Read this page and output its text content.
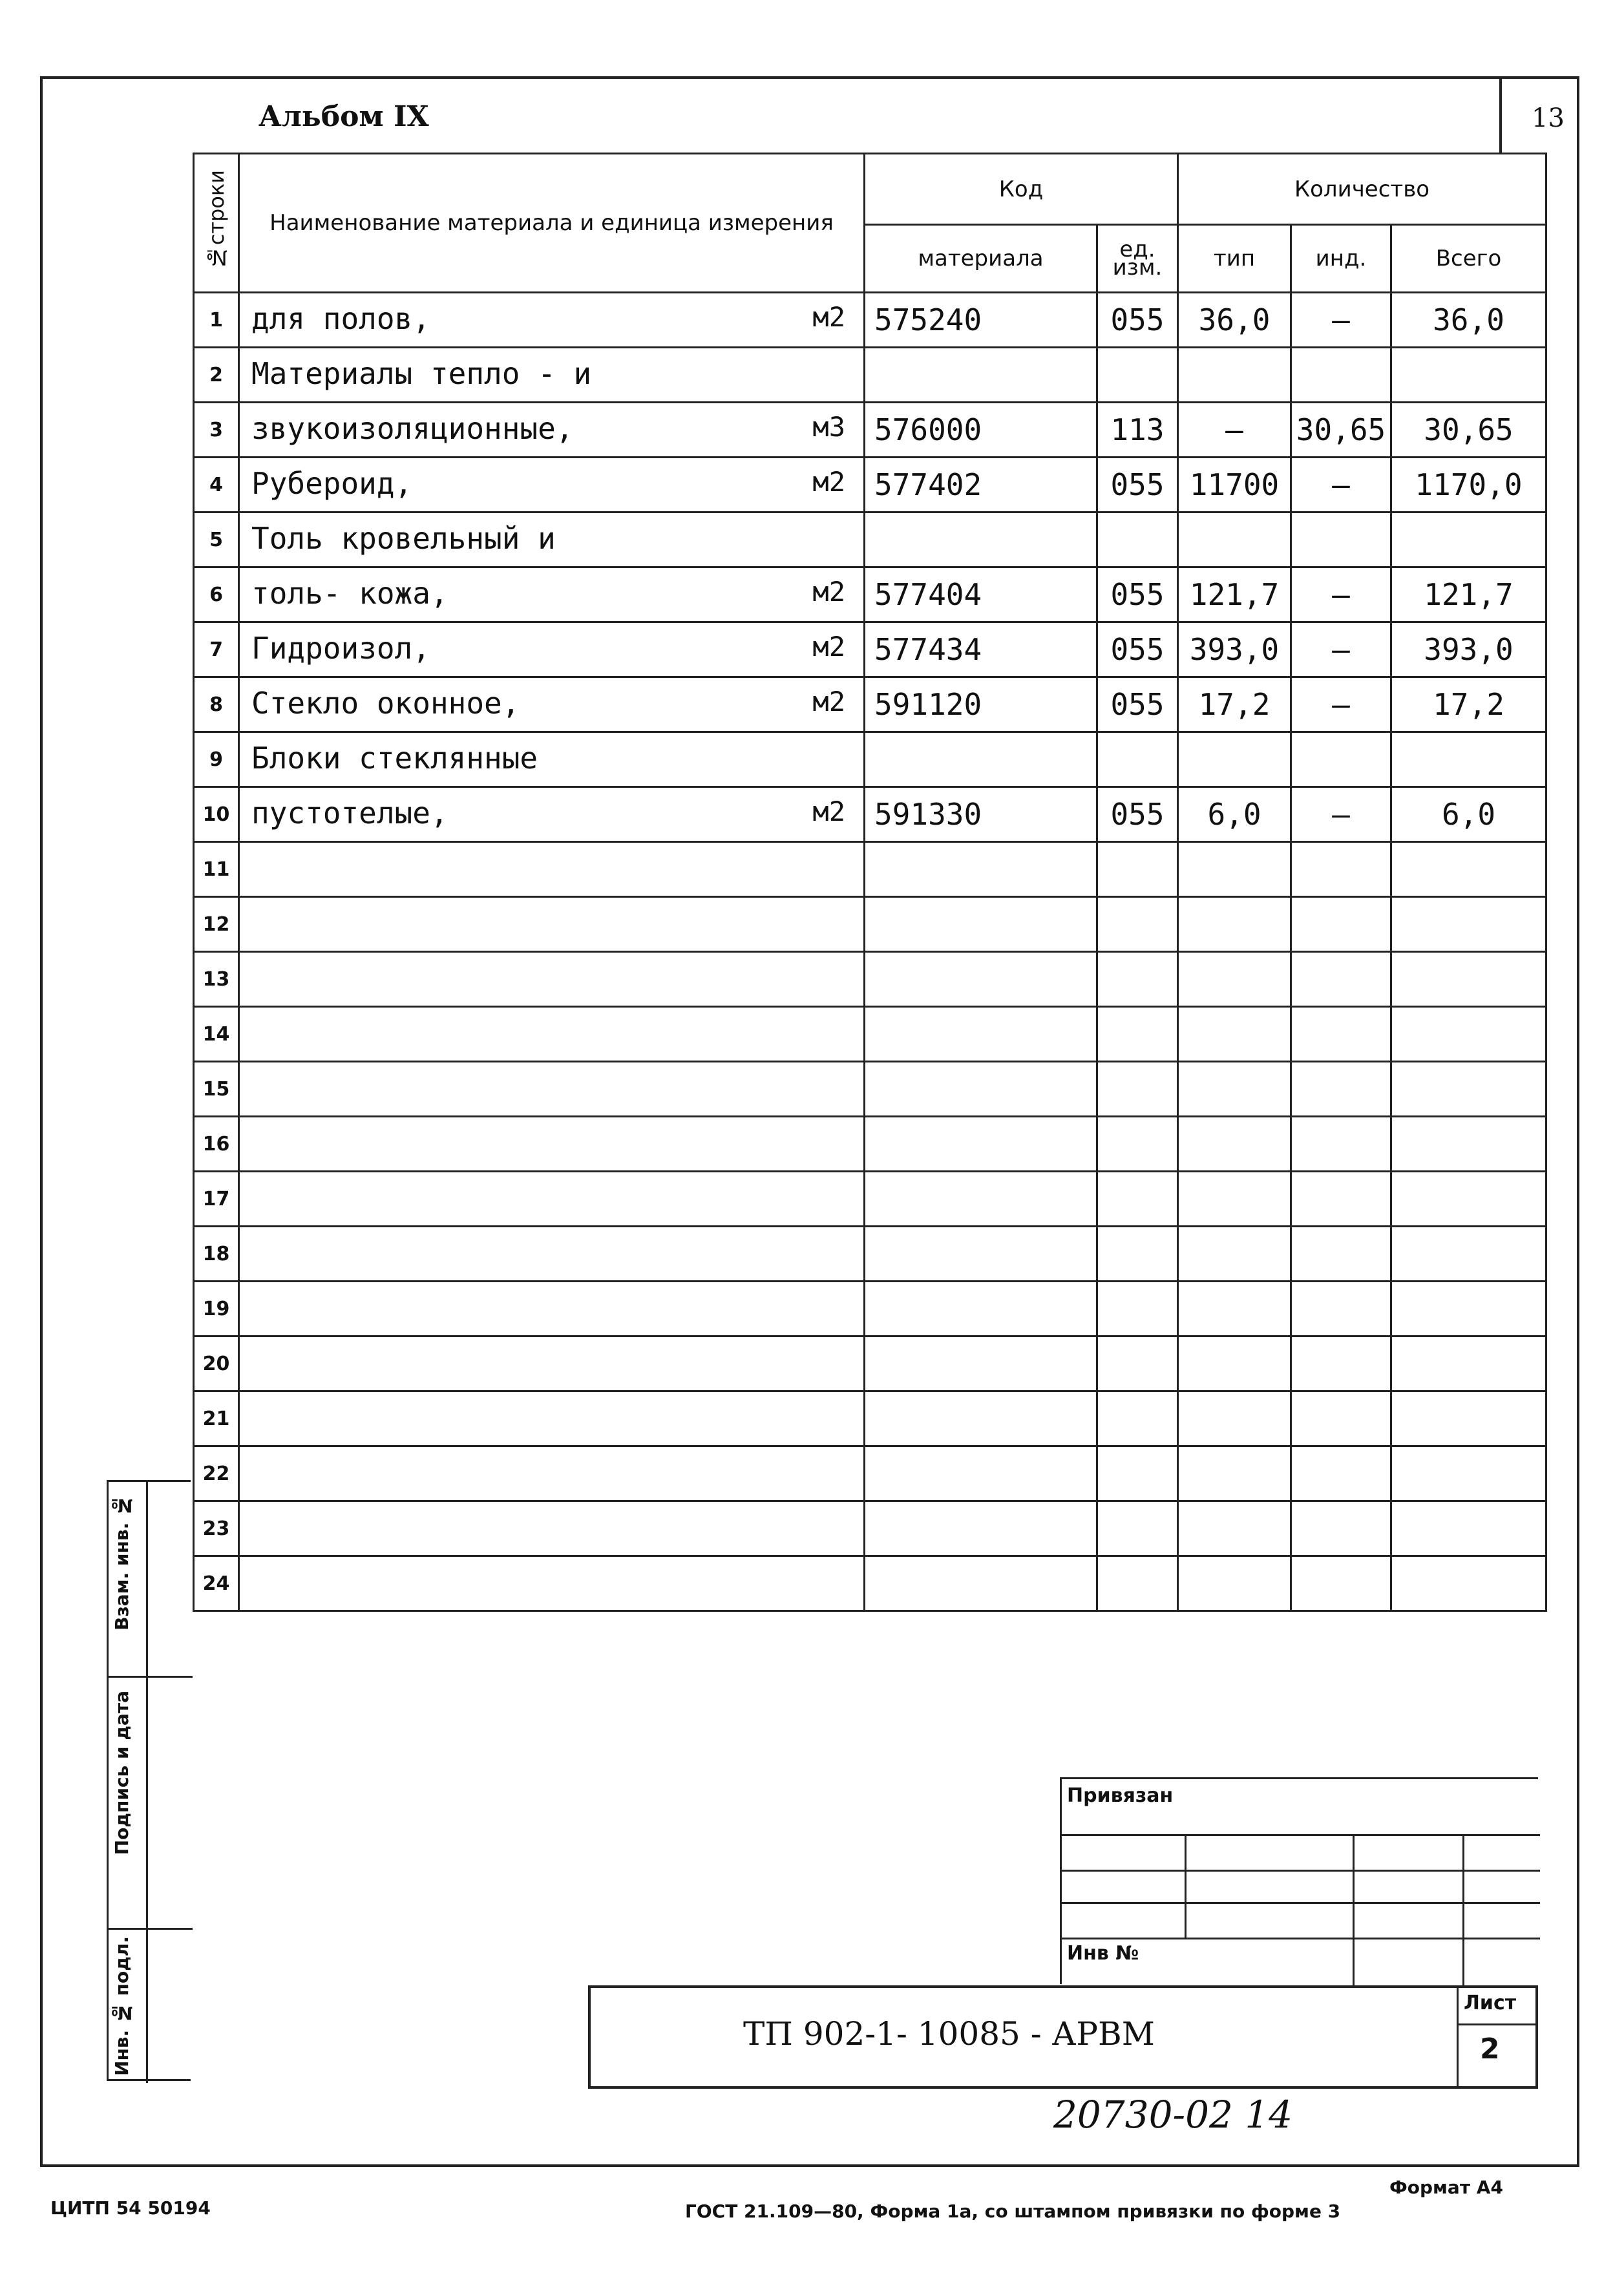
Альбом IX	13
№строки	Наименование материала и единица измерения	Код		Количество		
		материала	ед. изм.	тип	инд.	Всего
1	для полов, м2	575240	055	36,0	—	36,0
2	Материалы тепло - и					

3	звукоизоляционные, м3	576000	113	—	30,65	30,65
4	Рубероид, м2	577402	055	11700	—	1170,0
5	Толь кровельный и					

6	толь- кожа, м2	577404	055	121,7	—	121,7
7	Гидроизол, м2	577434	055	393,0	—	393,0
8	Стекло оконное, м2	591120	055	17,2	—	17,2
9	Блоки стеклянные					

10	пустотелые, м2	591330	055	6,0	—	6,0
11	

12	

13	

14	

15	

16	

17	

18	

19	

20	

21	

22	

23	

24	

Взам. инв. №
Подпись и дата
Инв. № подл.
Привязан
Инв №
ТП 902-1- 10085 - АРВМ
Лист
2
20730-02 14
Формат А4
ЦИТП 54 50194	ГОСТ 21.109—80, Форма 1а, со штампом привязки по форме 3
